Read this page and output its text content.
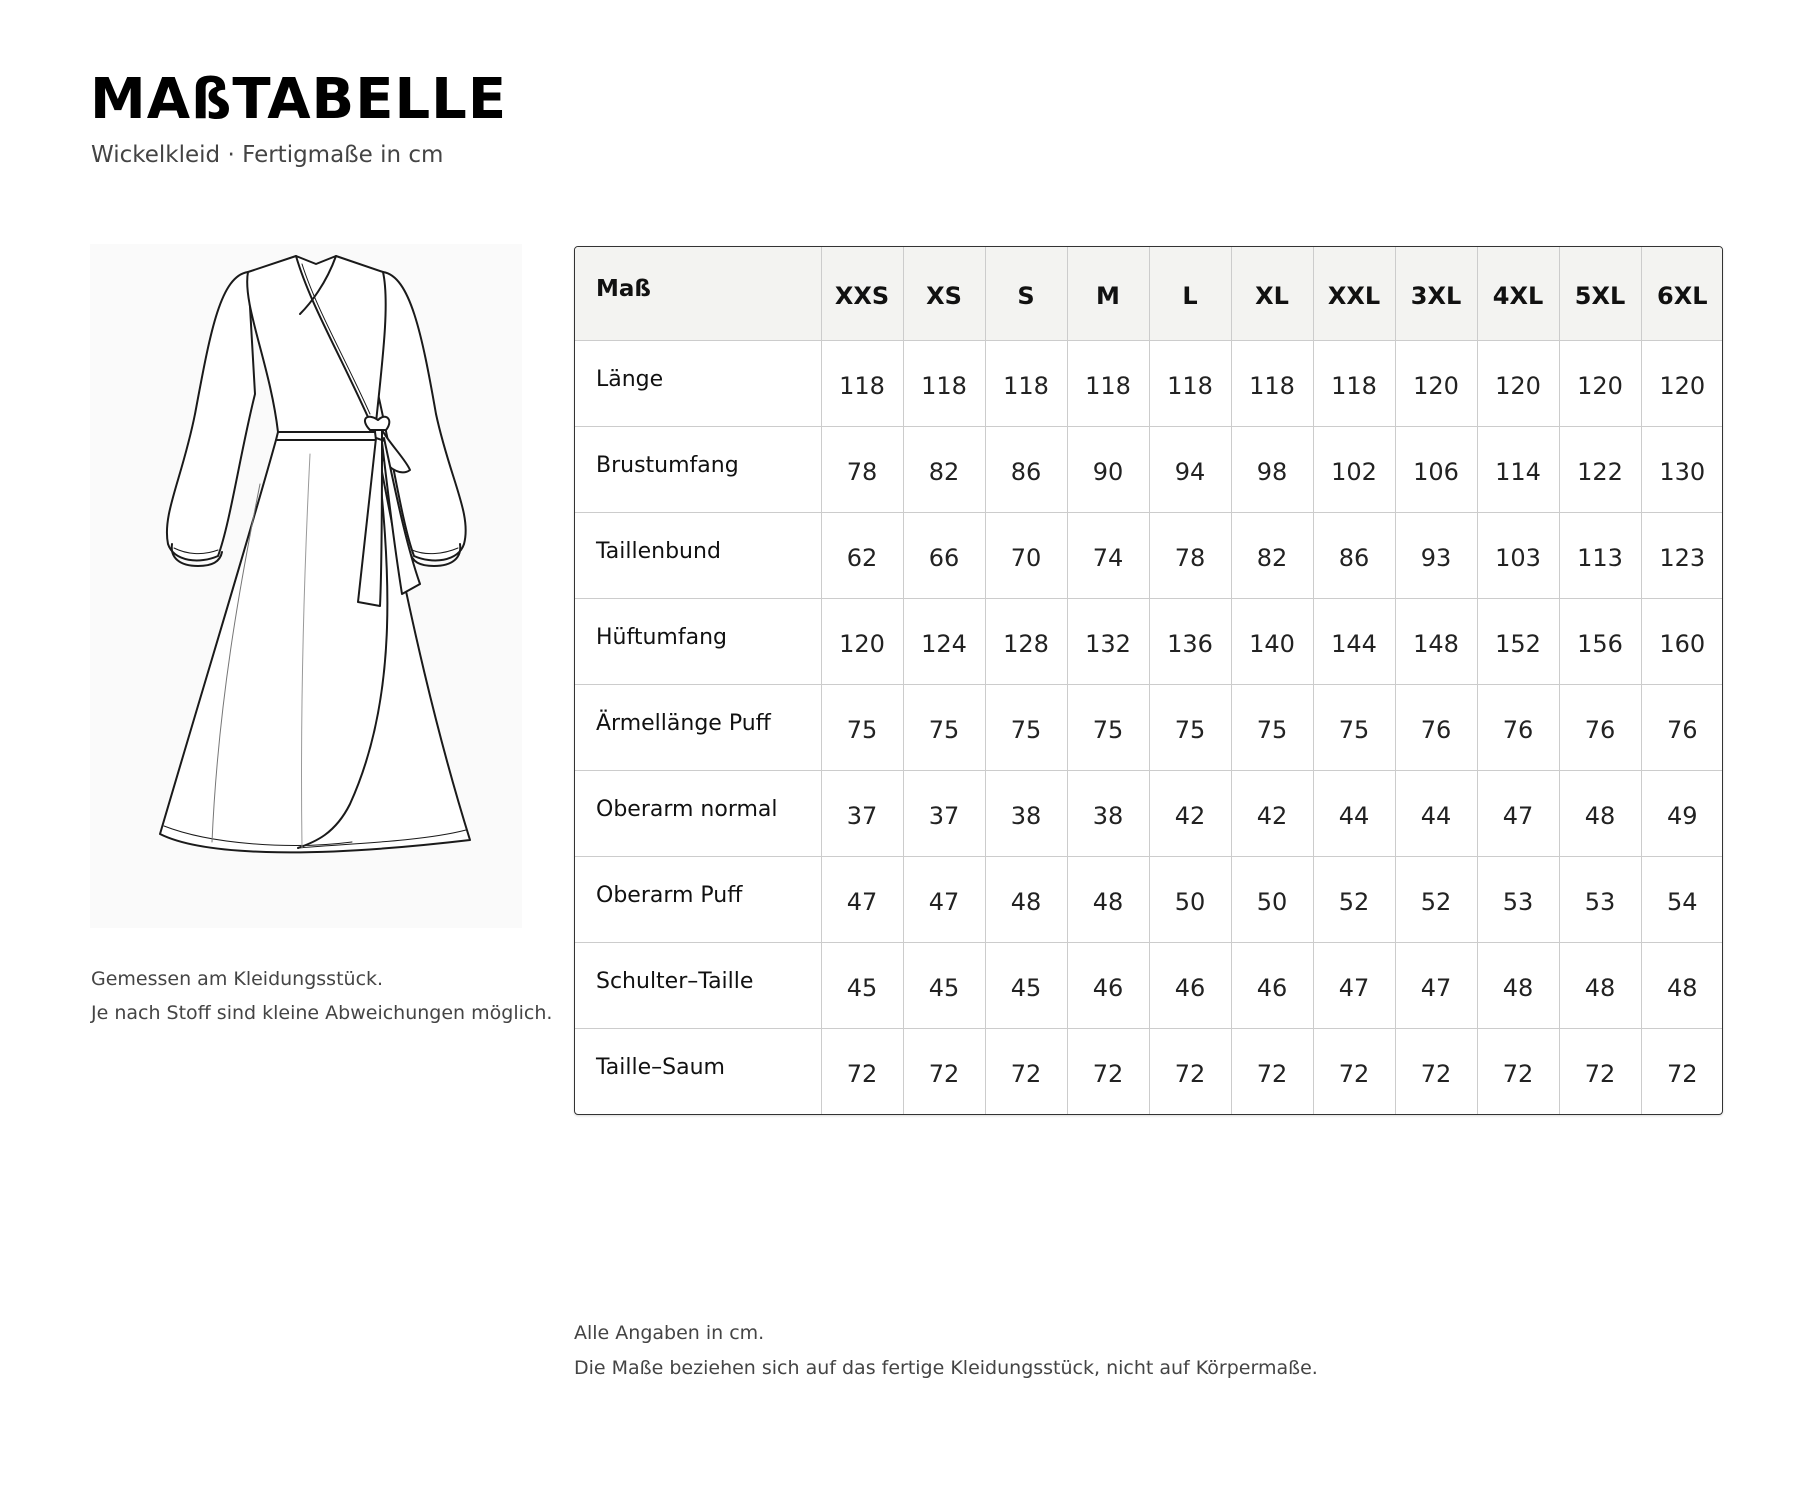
MAßTABELLE
Wickelkleid · Fertigmaße in cm
Gemessen am Kleidungsstück.
Je nach Stoff sind kleine Abweichungen möglich.
Maß	XXS	XS	S	M	L	XL	XXL	3XL	4XL	5XL	6XL
Länge	118	118	118	118	118	118	118	120	120	120	120
Brustumfang	78	82	86	90	94	98	102	106	114	122	130
Taillenbund	62	66	70	74	78	82	86	93	103	113	123
Hüftumfang	120	124	128	132	136	140	144	148	152	156	160
Ärmellänge Puff	75	75	75	75	75	75	75	76	76	76	76
Oberarm normal	37	37	38	38	42	42	44	44	47	48	49
Oberarm Puff	47	47	48	48	50	50	52	52	53	53	54
Schulter–Taille	45	45	45	46	46	46	47	47	48	48	48
Taille–Saum	72	72	72	72	72	72	72	72	72	72	72
Alle Angaben in cm.
Die Maße beziehen sich auf das fertige Kleidungsstück, nicht auf Körpermaße.
